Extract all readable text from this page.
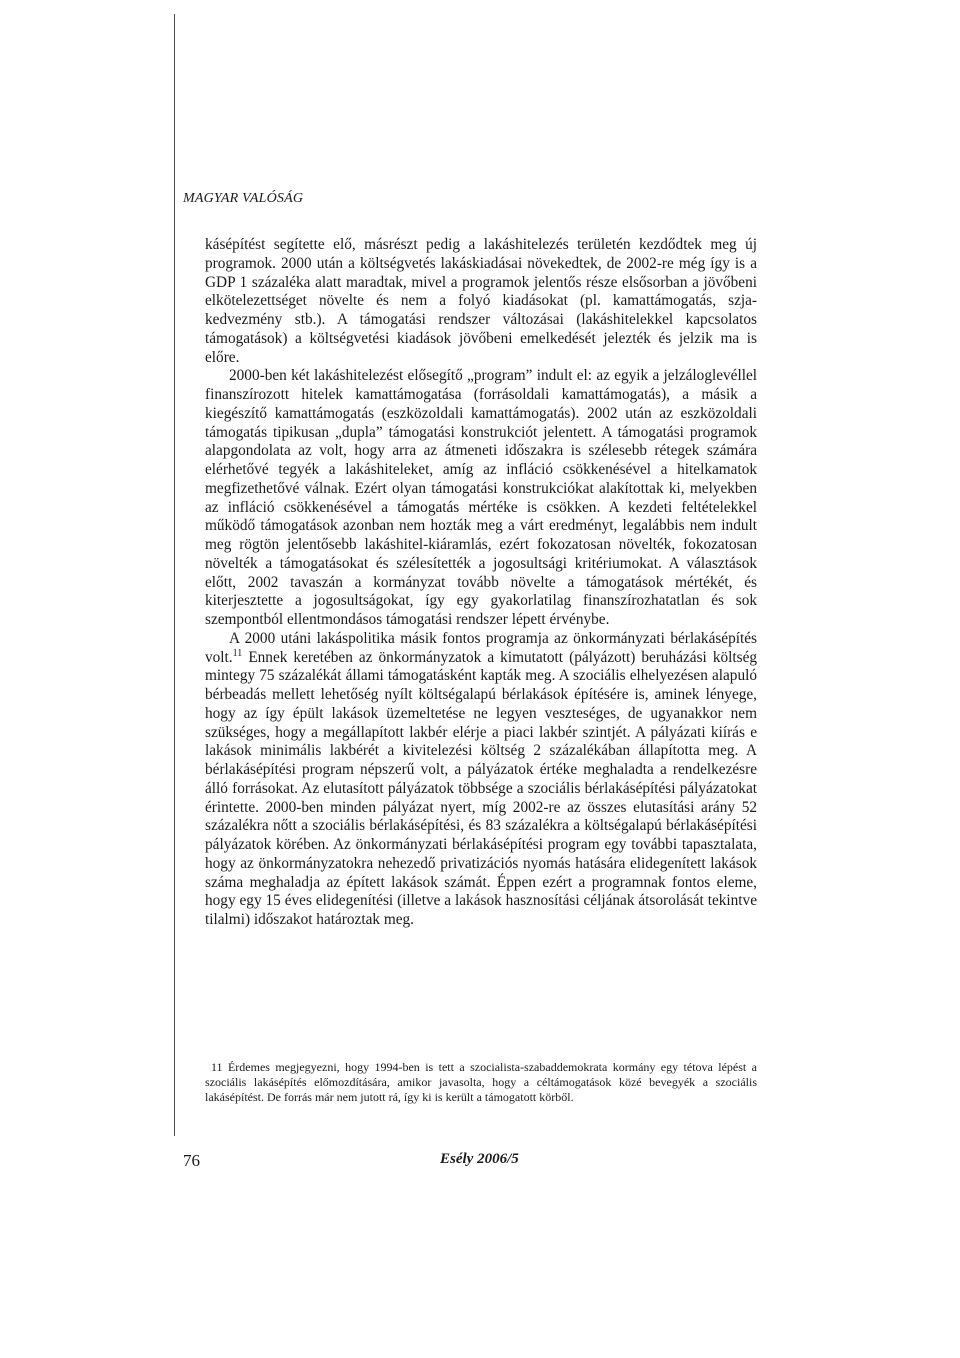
MAGYAR VALÓSÁG

kásépítést segítette elő, másrészt pedig a lakáshitelezés területén kezdődtek meg új programok. 2000 után a költségvetés lakáskiadásai növekedtek, de 2002-re még így is a GDP 1 százaléka alatt maradtak, mivel a programok jelentős része elsősorban a jövőbeni elkötelezettséget növelte és nem a folyó kiadásokat (pl. kamattámogatás, szja-kedvezmény stb.). A támogatási rendszer változásai (lakáshitelekkel kapcsolatos támogatások) a költségvetési kiadások jövőbeni emelkedését jelezték és jelzik ma is előre.

2000-ben két lakáshitelezést elősegítő „program” indult el: az egyik a jelzáloglevéllel finanszírozott hitelek kamattámogatása (forrásoldali kamattámogatás), a másik a kiegészítő kamattámogatás (eszközoldali kamattámogatás). 2002 után az eszközoldali támogatás tipikusan „dupla” támogatási konstrukciót jelentett. A támogatási programok alapgondolata az volt, hogy arra az átmeneti időszakra is szélesebb rétegek számára elérhetővé tegyék a lakáshiteleket, amíg az infláció csökkenésével a hitelkamatok megfizethetővé válnak. Ezért olyan támogatási konstrukciókat alakítottak ki, melyekben az infláció csökkenésével a támogatás mértéke is csökken. A kezdeti feltételekkel működő támogatások azonban nem hozták meg a várt eredményt, legalábbis nem indult meg rögtön jelentősebb lakáshitel-kiáramlás, ezért fokozatosan növelték, fokozatosan növelték a támogatásokat és szélesítették a jogosultsági kritériumokat. A választások előtt, 2002 tavaszán a kormányzat tovább növelte a támogatások mértékét, és kiterjesztette a jogosultságokat, így egy gyakorlatilag finanszírozhatatlan és sok szempontból ellentmondásos támogatási rendszer lépett érvénybe.

A 2000 utáni lakáspolitika másik fontos programja az önkormányzati bérlakásépítés volt.$^{11}$ Ennek keretében az önkormányzatok a kimutatott (pályázott) beruházási költség mintegy 75 százalékát állami támogatásként kapták meg. A szociális elhelyezésen alapuló bérbeadás mellett lehetőség nyílt költségalapú bérlakások építésére is, aminek lényege, hogy az így épült lakások üzemeltetése ne legyen veszteséges, de ugyanakkor nem szükséges, hogy a megállapított lakbér elérje a piaci lakbér szintjét. A pályázati kiírás e lakások minimális lakbérét a kivitelezési költség 2 százalékában állapította meg. A bérlakásépítési program népszerű volt, a pályázatok értéke meghaladta a rendelkezésre álló forrásokat. Az elutasított pályázatok többsége a szociális bérlakásépítési pályázatokat érintette. 2000-ben minden pályázat nyert, míg 2002-re az összes elutasítási arány 52 százalékra nőtt a szociális bérlakásépítési, és 83 százalékra a költségalapú bérlakásépítési pályázatok körében. Az önkormányzati bérlakásépítési program egy további tapasztalata, hogy az önkormányzatokra nehezedő privatizációs nyomás hatására elidegenített lakások száma meghaladja az épített lakások számát. Éppen ezért a programnak fontos eleme, hogy egy 15 éves elidegenítési (illetve a lakások hasznosítási céljának átsorolását tekintve tilalmi) időszakot határoztak meg.

11 Érdemes megjegyezni, hogy 1994-ben is tett a szocialista-szabaddemokrata kormány egy tétova lépést a szociális lakásépítés előmozdítására, amikor javasolta, hogy a céltámogatások közé bevegyék a szociális lakásépítést. De forrás már nem jutott rá, így ki is került a támogatott körből.
76	Esély 2006/5
